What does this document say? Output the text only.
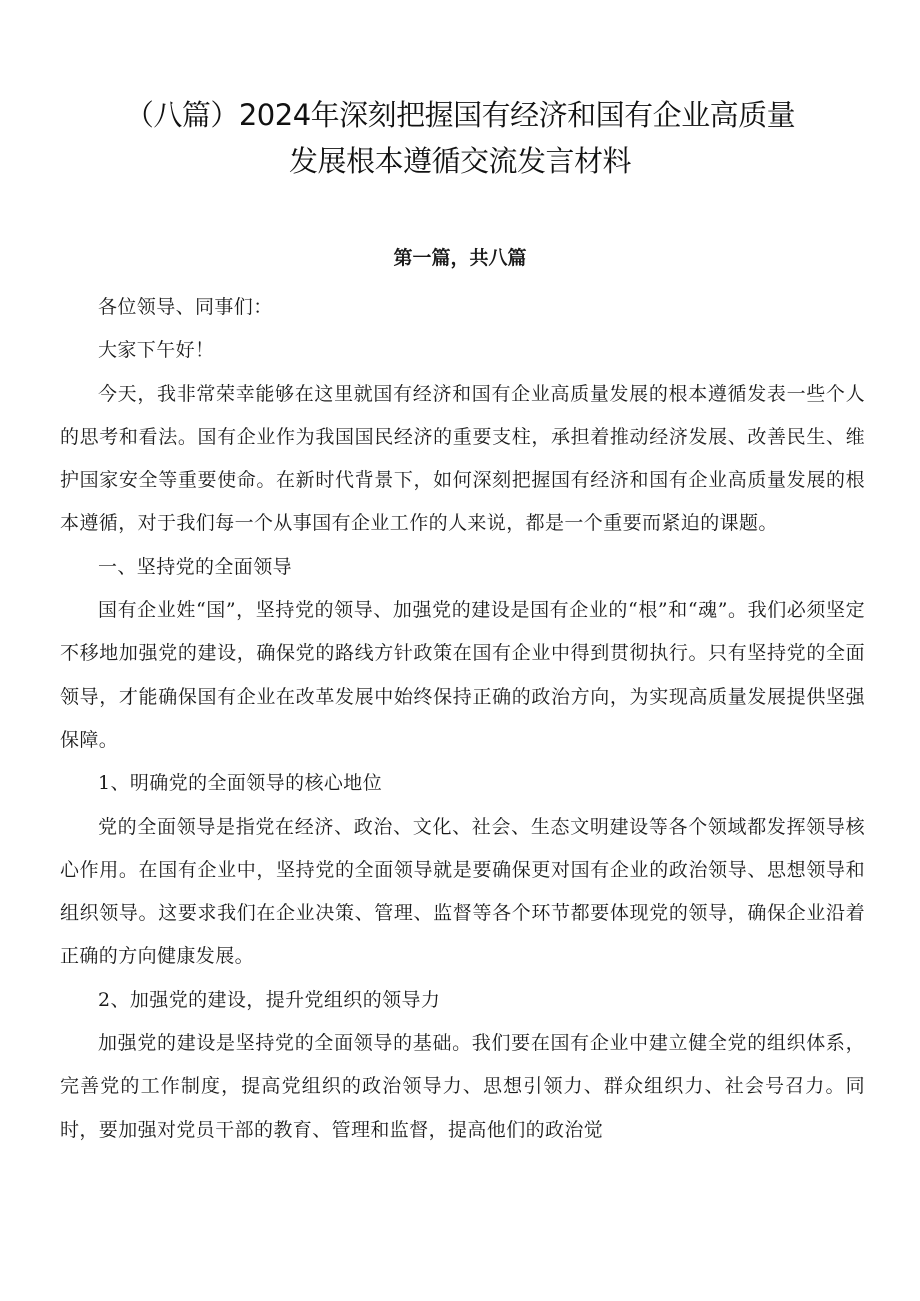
（八篇）2024年深刻把握国有经济和国有企业高质量
发展根本遵循交流发言材料
第一篇，共八篇

各位领导、同事们：

大家下午好！

今天，我非常荣幸能够在这里就国有经济和国有企业高质量发展的根本遵循发表一些个人的思考和看法。国有企业作为我国国民经济的重要支柱，承担着推动经济发展、改善民生、维护国家安全等重要使命。在新时代背景下，如何深刻把握国有经济和国有企业高质量发展的根本遵循，对于我们每一个从事国有企业工作的人来说，都是一个重要而紧迫的课题。

一、坚持党的全面领导

国有企业姓“国”，坚持党的领导、加强党的建设是国有企业的“根”和“魂”。我们必须坚定不移地加强党的建设，确保党的路线方针政策在国有企业中得到贯彻执行。只有坚持党的全面领导，才能确保国有企业在改革发展中始终保持正确的政治方向，为实现高质量发展提供坚强保障。

1、明确党的全面领导的核心地位

党的全面领导是指党在经济、政治、文化、社会、生态文明建设等各个领域都发挥领导核心作用。在国有企业中，坚持党的全面领导就是要确保更对国有企业的政治领导、思想领导和组织领导。这要求我们在企业决策、管理、监督等各个环节都要体现党的领导，确保企业沿着正确的方向健康发展。

2、加强党的建设，提升党组织的领导力

加强党的建设是坚持党的全面领导的基础。我们要在国有企业中建立健全党的组织体系，完善党的工作制度，提高党组织的政治领导力、思想引领力、群众组织力、社会号召力。同时，要加强对党员干部的教育、管理和监督，提高他们的政治觉
